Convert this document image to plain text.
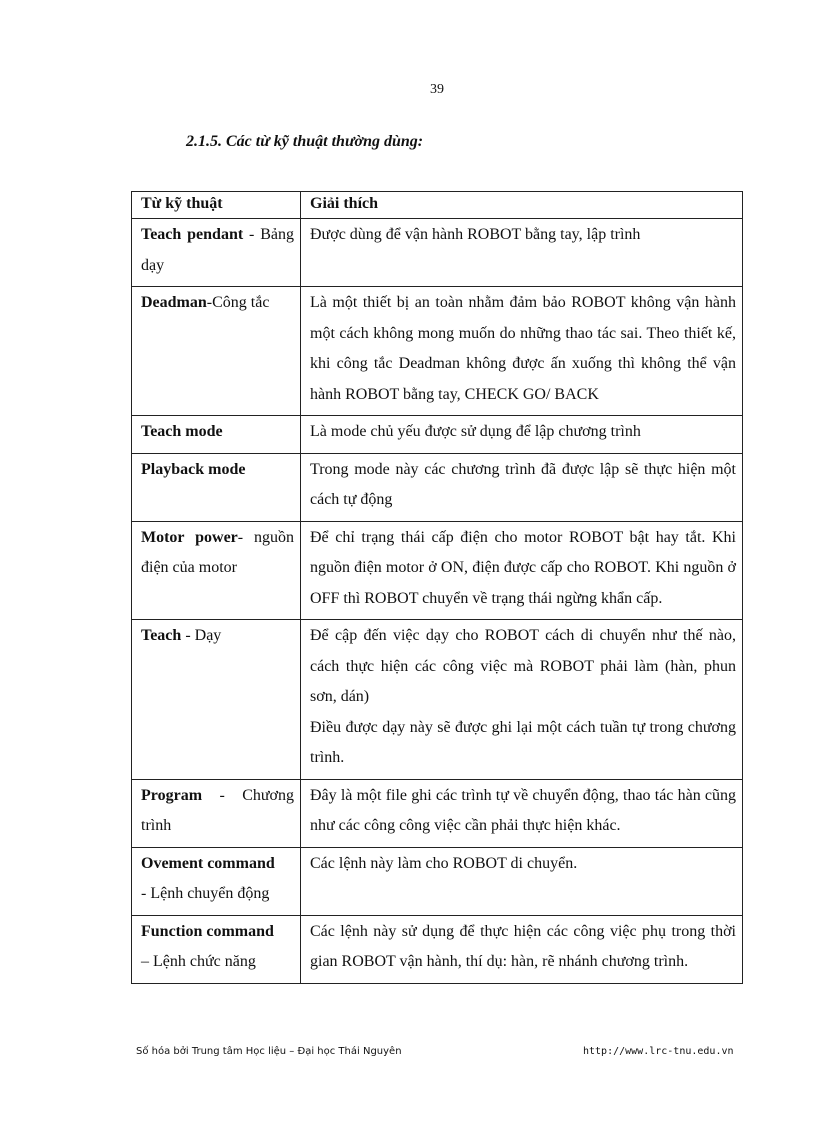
39
2.1.5. Các từ kỹ thuật thường dùng:
Từ kỹ thuật	Giải thích
Teach pendant - Bảng dạy	Được dùng để vận hành ROBOT bằng tay, lập trình
Deadman-Công tắc	Là một thiết bị an toàn nhằm đảm bảo ROBOT không vận hành một cách không mong muốn do những thao tác sai. Theo thiết kế, khi công tắc Deadman không được ấn xuống thì không thể vận hành ROBOT bằng tay, CHECK GO/ BACK
Teach mode	Là mode chủ yếu được sử dụng để lập chương trình
Playback mode	Trong mode này các chương trình đã được lập sẽ thực hiện một cách tự động
Motor power- nguồn điện của motor	Để chỉ trạng thái cấp điện cho motor ROBOT bật hay tắt. Khi nguồn điện motor ở ON, điện được cấp cho ROBOT. Khi nguồn ở OFF thì ROBOT chuyển về trạng thái ngừng khẩn cấp.
Teach - Dạy	Để cập đến việc dạy cho ROBOT cách di chuyển như thế nào, cách thực hiện các công việc mà ROBOT phải làm (hàn, phun sơn, dán)
Điều được dạy này sẽ được ghi lại một cách tuần tự trong chương trình.

Program - Chương trình	Đây là một file ghi các trình tự về chuyển động, thao tác hàn cũng như các công công việc cần phải thực hiện khác.
Ovement command
- Lệnh chuyển động	Các lệnh này làm cho ROBOT di chuyển.
Function command
– Lệnh chức năng	Các lệnh này sử dụng để thực hiện các công việc phụ trong thời gian ROBOT vận hành, thí dụ: hàn, rẽ nhánh chương trình.
Số hóa bởi Trung tâm Học liệu – Đại học Thái Nguyên	http://www.lrc-tnu.edu.vn
